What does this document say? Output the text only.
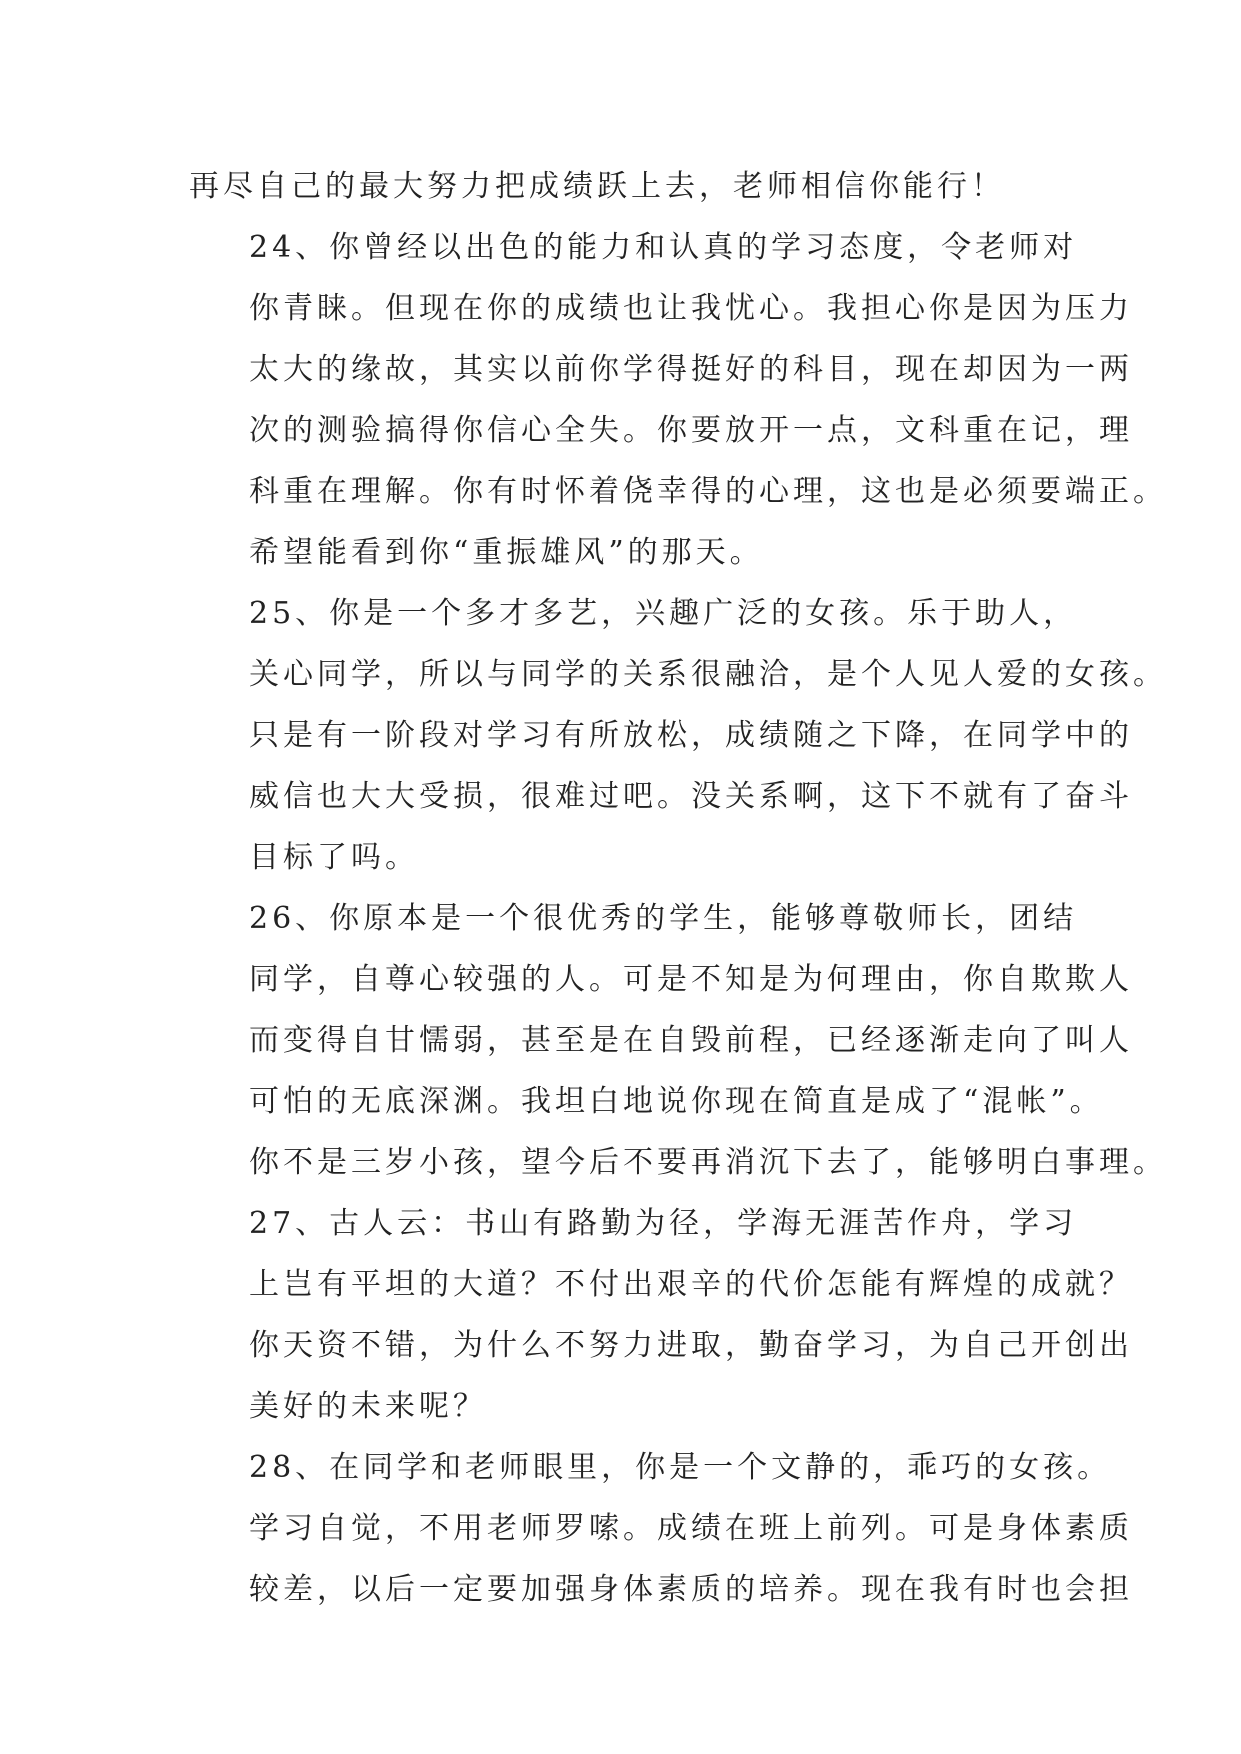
再尽自己的最大努力把成绩跃上去，老师相信你能行！
24、你曾经以出色的能力和认真的学习态度，令老师对
你青睐。但现在你的成绩也让我忧心。我担心你是因为压力
太大的缘故，其实以前你学得挺好的科目，现在却因为一两
次的测验搞得你信心全失。你要放开一点，文科重在记，理
科重在理解。你有时怀着侥幸得的心理，这也是必须要端正。
希望能看到你“重振雄风”的那天。
25、你是一个多才多艺，兴趣广泛的女孩。乐于助人，
关心同学，所以与同学的关系很融洽，是个人见人爱的女孩。
只是有一阶段对学习有所放松，成绩随之下降，在同学中的
威信也大大受损，很难过吧。没关系啊，这下不就有了奋斗
目标了吗。
26、你原本是一个很优秀的学生，能够尊敬师长，团结
同学，自尊心较强的人。可是不知是为何理由，你自欺欺人
而变得自甘懦弱，甚至是在自毁前程，已经逐渐走向了叫人
可怕的无底深渊。我坦白地说你现在简直是成了“混帐”。
你不是三岁小孩，望今后不要再消沉下去了，能够明白事理。
27、古人云：书山有路勤为径，学海无涯苦作舟，学习
上岂有平坦的大道？不付出艰辛的代价怎能有辉煌的成就？
你天资不错，为什么不努力进取，勤奋学习，为自己开创出
美好的未来呢？
28、在同学和老师眼里，你是一个文静的，乖巧的女孩。
学习自觉，不用老师罗嗦。成绩在班上前列。可是身体素质
较差，以后一定要加强身体素质的培养。现在我有时也会担
